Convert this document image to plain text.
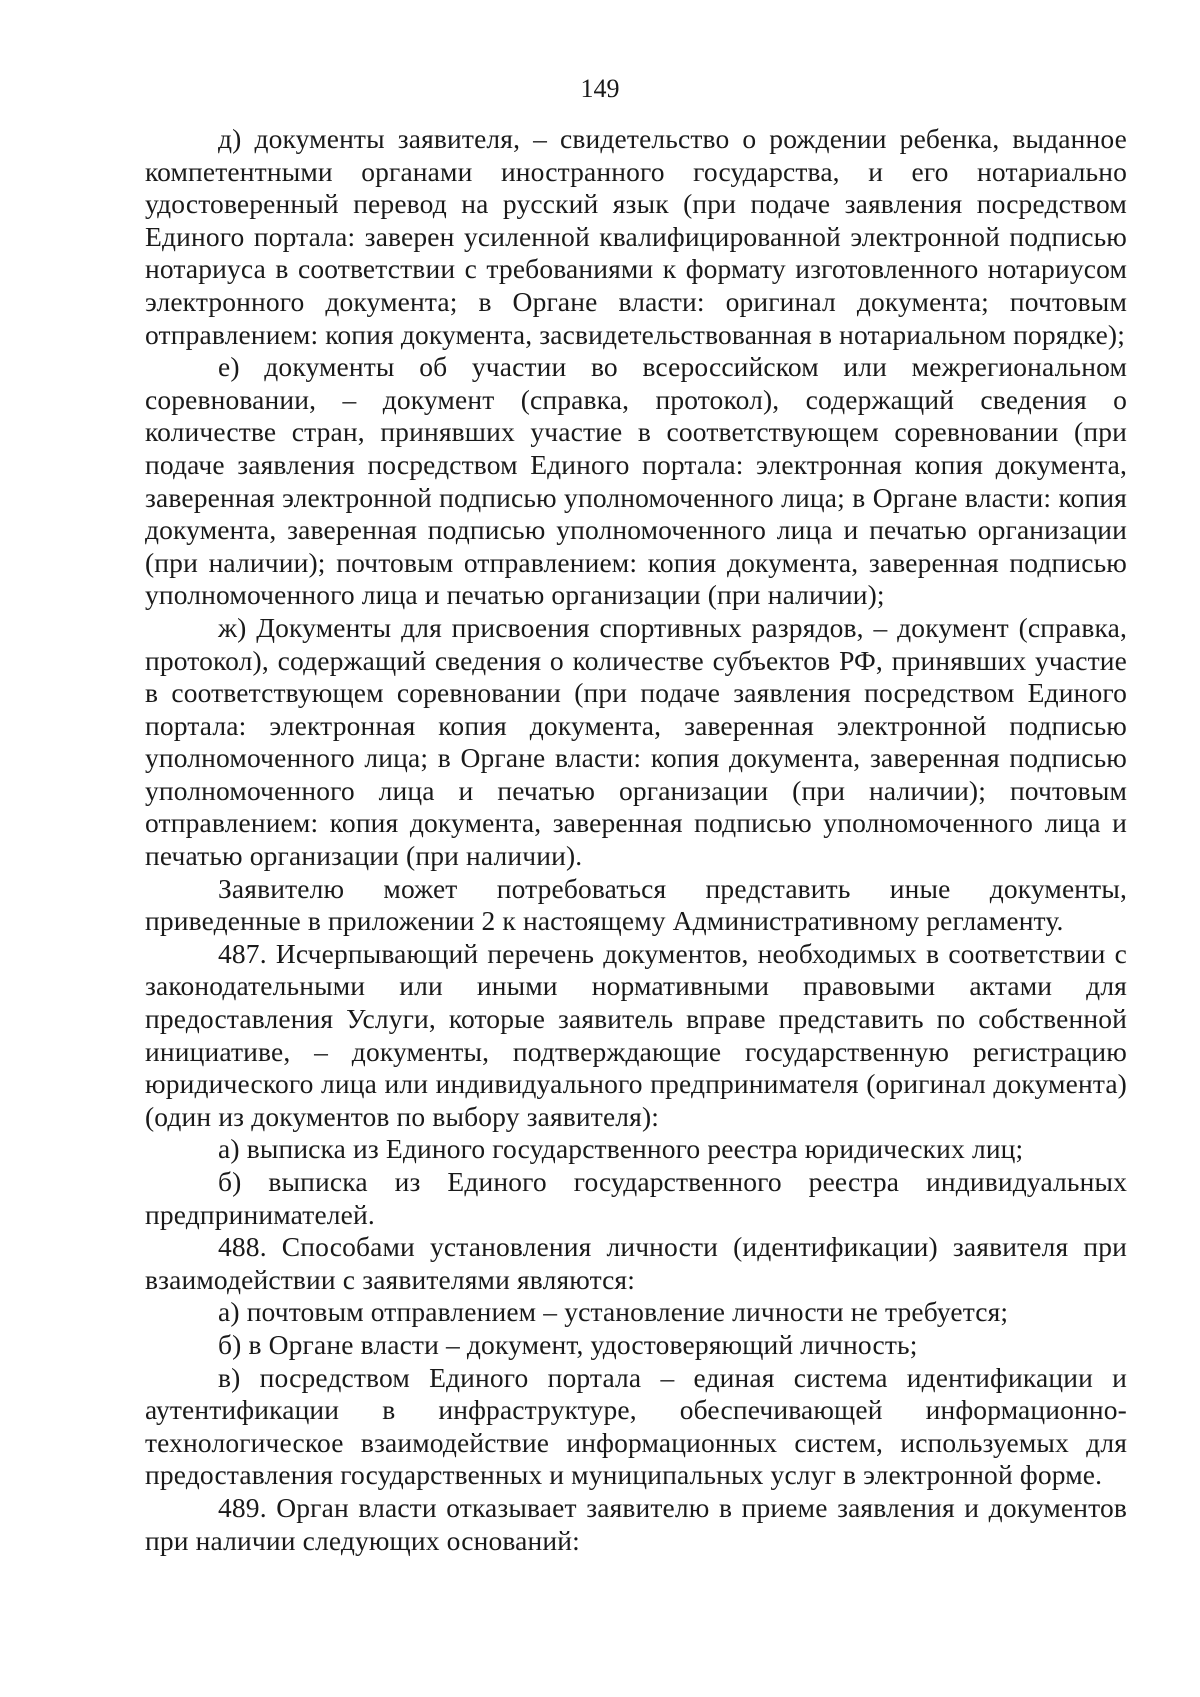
149

д) документы заявителя, – свидетельство о рождении ребенка, выданное компетентными органами иностранного государства, и его нотариально удостоверенный перевод на русский язык (при подаче заявления посредством Единого портала: заверен усиленной квалифицированной электронной подписью нотариуса в соответствии с требованиями к формату изготовленного нотариусом электронного документа; в Органе власти: оригинал документа; почтовым отправлением: копия документа, засвидетельствованная в нотариальном порядке);

е) документы об участии во всероссийском или межрегиональном соревновании, – документ (справка, протокол), содержащий сведения о количестве стран, принявших участие в соответствующем соревновании (при подаче заявления посредством Единого портала: электронная копия документа, заверенная электронной подписью уполномоченного лица; в Органе власти: копия документа, заверенная подписью уполномоченного лица и печатью организации (при наличии); почтовым отправлением: копия документа, заверенная подписью уполномоченного лица и печатью организации (при наличии);

ж) Документы для присвоения спортивных разрядов, – документ (справка, протокол), содержащий сведения о количестве субъектов РФ, принявших участие в соответствующем соревновании (при подаче заявления посредством Единого портала: электронная копия документа, заверенная электронной подписью уполномоченного лица; в Органе власти: копия документа, заверенная подписью уполномоченного лица и печатью организации (при наличии); почтовым отправлением: копия документа, заверенная подписью уполномоченного лица и печатью организации (при наличии).

Заявителю может потребоваться представить иные документы, приведенные в приложении 2 к настоящему Административному регламенту.

487. Исчерпывающий перечень документов, необходимых в соответствии с законодательными или иными нормативными правовыми актами для предоставления Услуги, которые заявитель вправе представить по собственной инициативе, – документы, подтверждающие государственную регистрацию юридического лица или индивидуального предпринимателя (оригинал документа) (один из документов по выбору заявителя):

а) выписка из Единого государственного реестра юридических лиц;

б) выписка из Единого государственного реестра индивидуальных предпринимателей.

488. Способами установления личности (идентификации) заявителя при взаимодействии с заявителями являются:

а) почтовым отправлением – установление личности не требуется;

б) в Органе власти – документ, удостоверяющий личность;

в) посредством Единого портала – единая система идентификации и аутентификации в инфраструктуре, обеспечивающей информационно-технологическое взаимодействие информационных систем, используемых для предоставления государственных и муниципальных услуг в электронной форме.

489. Орган власти отказывает заявителю в приеме заявления и документов при наличии следующих оснований:
